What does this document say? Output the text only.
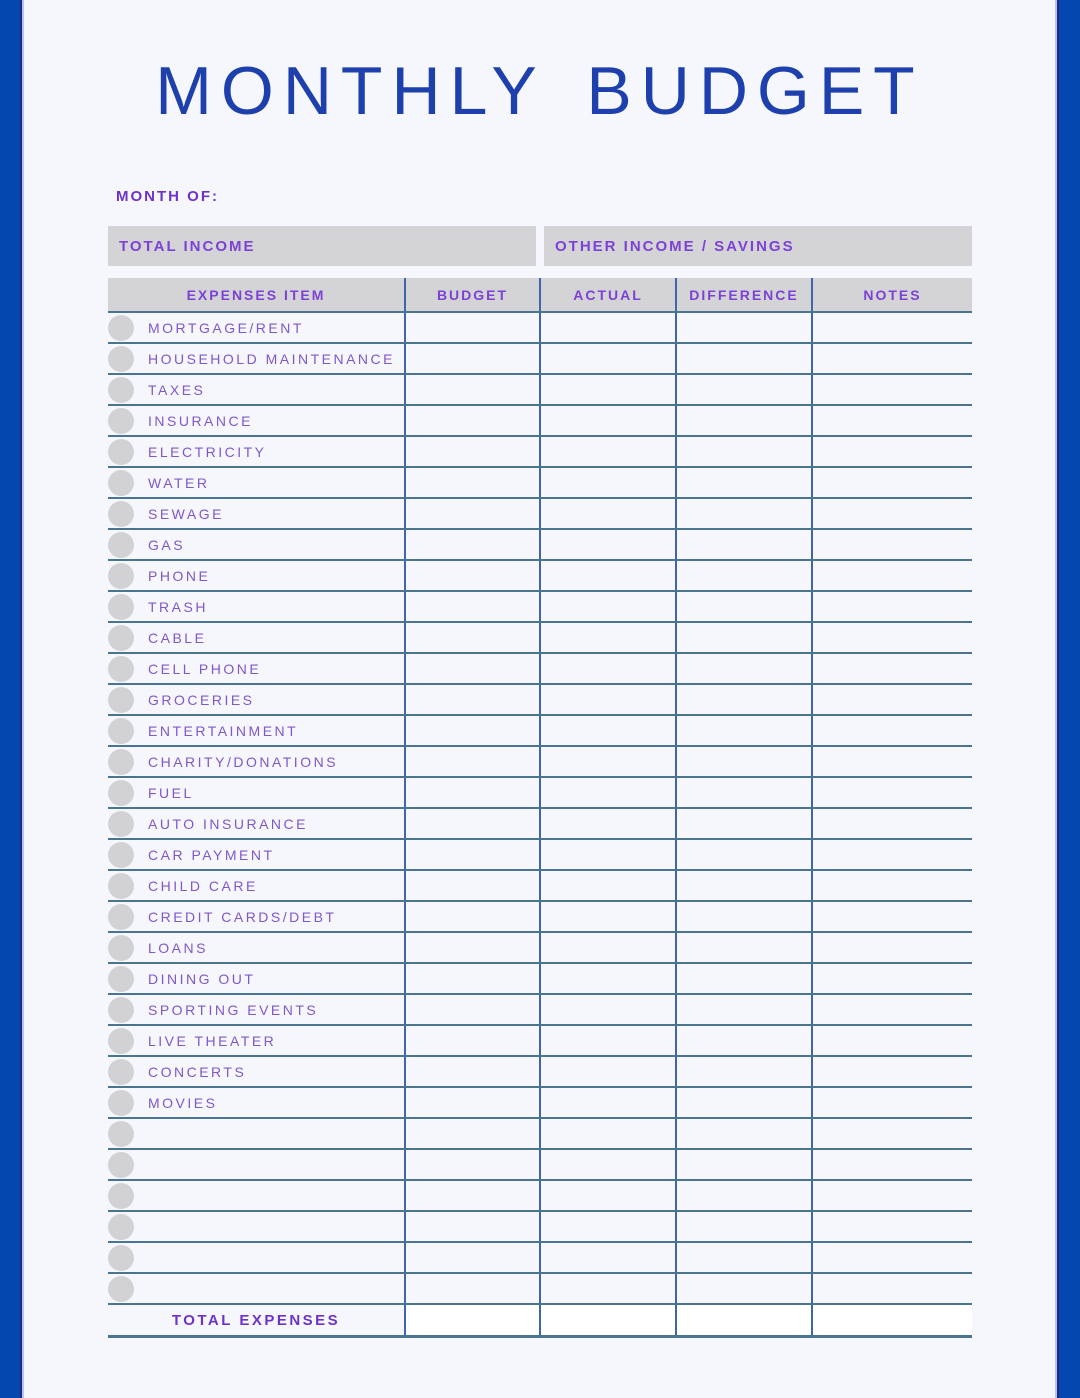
MONTHLY BUDGET
MONTH OF:
TOTAL INCOME	OTHER INCOME / SAVINGS
EXPENSES ITEM	BUDGET	ACTUAL	DIFFERENCE	NOTES
MORTGAGE/RENT
HOUSEHOLD MAINTENANCE
TAXES
INSURANCE
ELECTRICITY
WATER
SEWAGE
GAS
PHONE
TRASH
CABLE
CELL PHONE
GROCERIES
ENTERTAINMENT
CHARITY/DONATIONS
FUEL
AUTO INSURANCE
CAR PAYMENT
CHILD CARE
CREDIT CARDS/DEBT
LOANS
DINING OUT
SPORTING EVENTS
LIVE THEATER
CONCERTS
MOVIES
TOTAL EXPENSES
